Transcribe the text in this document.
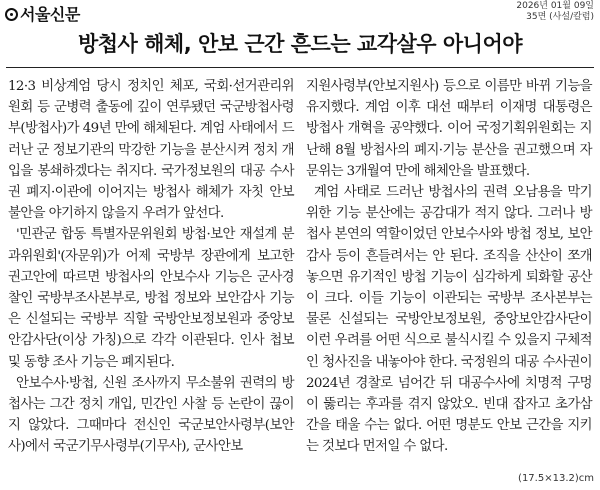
서울신문	2026년 01월 09일
35면 (사설/칼럼)
방첩사 해체, 안보 근간 흔드는 교각살우 아니어야

12·3 비상계엄 당시 정치인 체포, 국회·선거관리위원회 등 군병력 출동에 깊이 연루됐던 국군방첩사령부(방첩사)가 49년 만에 해체된다. 계엄 사태에서 드러난 군 정보기관의 막강한 기능을 분산시켜 정치 개입을 봉쇄하겠다는 취지다. 국가정보원의 대공 수사권 폐지·이관에 이어지는 방첩사 해체가 자칫 안보 불안을 야기하지 않을지 우려가 앞선다.

'민관군 합동 특별자문위원회 방첩·보안 재설계 분과위원회'(자문위)가 어제 국방부 장관에게 보고한 권고안에 따르면 방첩사의 안보수사 기능은 군사경찰인 국방부조사본부로, 방첩 정보와 보안감사 기능은 신설되는 국방부 직할 국방안보정보원과 중앙보안감사단(이상 가칭)으로 각각 이관된다. 인사 첩보 및 동향 조사 기능은 폐지된다.

안보수사·방첩, 신원 조사까지 무소불위 권력의 방첩사는 그간 정치 개입, 민간인 사찰 등 논란이 끊이지 않았다. 그때마다 전신인 국군보안사령부(보안사)에서 국군기무사령부(기무사), 군사안보

지원사령부(안보지원사) 등으로 이름만 바뀌 기능을 유지했다. 계엄 이후 대선 때부터 이재명 대통령은 방첩사 개혁을 공약했다. 이어 국정기획위원회는 지난해 8월 방첩사의 폐지·기능 분산을 권고했으며 자문위는 3개월여 만에 해체안을 발표했다.

계엄 사태로 드러난 방첩사의 권력 오남용을 막기 위한 기능 분산에는 공감대가 적지 않다. 그러나 방첩사 본연의 역할이었던 안보수사와 방첩 정보, 보안감사 등이 흔들려서는 안 된다. 조직을 산산이 쪼개 놓으면 유기적인 방첩 기능이 심각하게 퇴화할 공산이 크다. 이들 기능이 이관되는 국방부 조사본부는 물론 신설되는 국방안보정보원, 중앙보안감사단이 이런 우려를 어떤 식으로 불식시킬 수 있을지 구체적인 청사진을 내놓아야 한다. 국정원의 대공 수사권이 2024년 경찰로 넘어간 뒤 대공수사에 치명적 구멍이 뚫리는 후과를 겪지 않았오. 빈대 잡자고 초가삼간을 태울 수는 없다. 어떤 명분도 안보 근간을 지키는 것보다 먼저일 수 없다.

(17.5×13.2)cm
